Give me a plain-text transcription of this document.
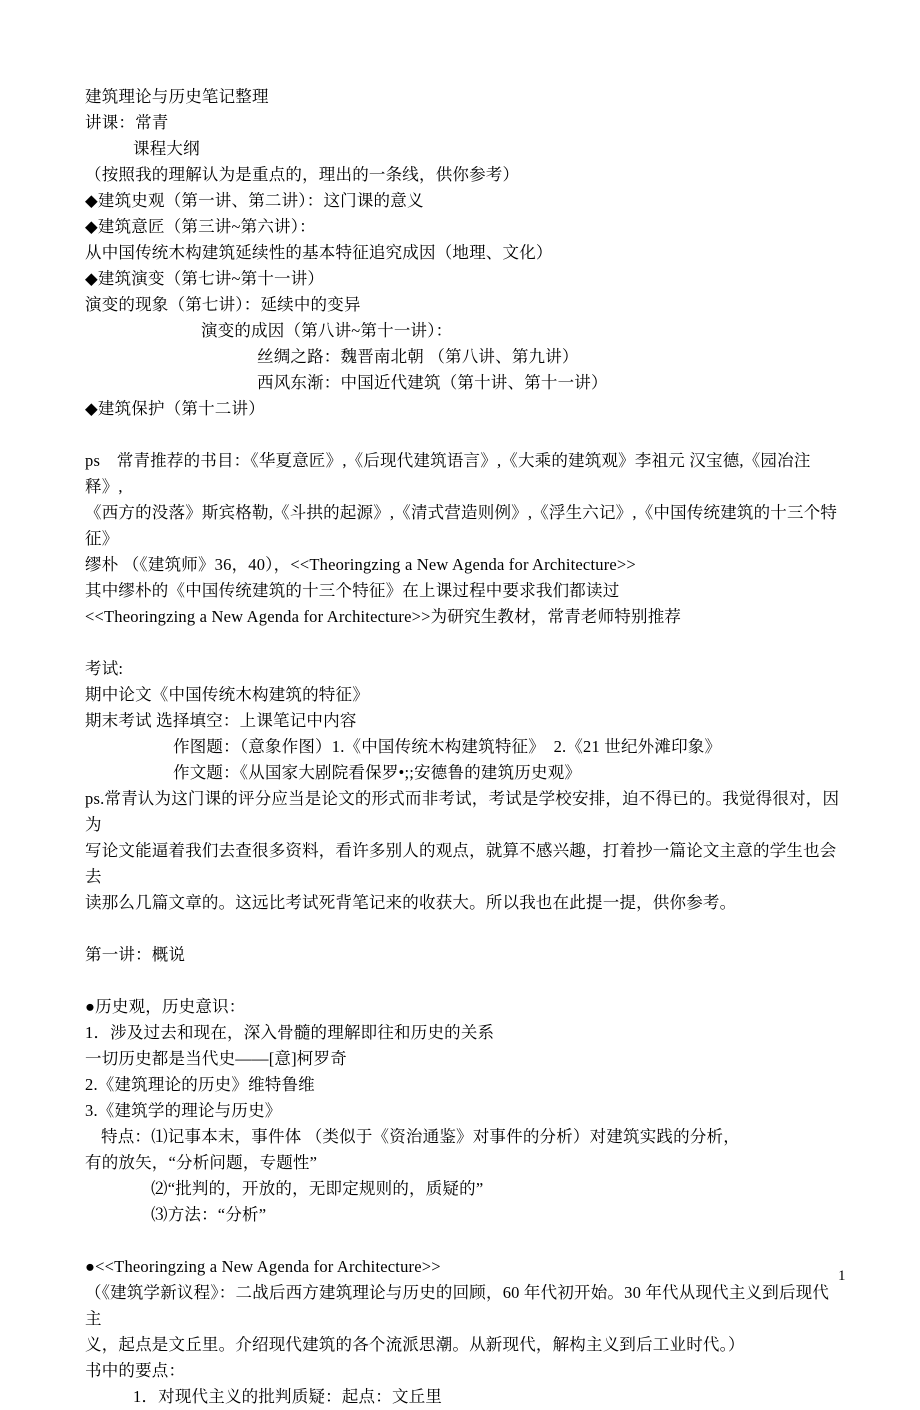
建筑理论与历史笔记整理
讲课：常青
课程大纲
（按照我的理解认为是重点的，理出的一条线，供你参考）
◆建筑史观（第一讲、第二讲）：这门课的意义
◆建筑意匠（第三讲~第六讲）：
从中国传统木构建筑延续性的基本特征追究成因（地理、文化）
◆建筑演变（第七讲~第十一讲）
演变的现象（第七讲）：延续中的变异
演变的成因（第八讲~第十一讲）：
丝绸之路：魏晋南北朝 （第八讲、第九讲）
西风东渐：中国近代建筑（第十讲、第十一讲）
◆建筑保护（第十二讲）
ps　常青推荐的书目：《华夏意匠》,《后现代建筑语言》,《大乘的建筑观》李祖元 汉宝德,《园冶注释》,
《西方的没落》斯宾格勒,《斗拱的起源》,《清式营造则例》,《浮生六记》,《中国传统建筑的十三个特征》
缪朴 （《建筑师》36，40），<<Theoringzing a New Agenda for Architecture>>
其中缪朴的《中国传统建筑的十三个特征》在上课过程中要求我们都读过
<<Theoringzing a New Agenda for Architecture>>为研究生教材，常青老师特别推荐
考试:
期中论文《中国传统木构建筑的特征》
期末考试 选择填空：上课笔记中内容
作图题：（意象作图）1.《中国传统木构建筑特征》  2.《21 世纪外滩印象》
作文题：《从国家大剧院看保罗•;;安德鲁的建筑历史观》
ps.常青认为这门课的评分应当是论文的形式而非考试，考试是学校安排，迫不得已的。我觉得很对，因为
写论文能逼着我们去查很多资料，看许多别人的观点，就算不感兴趣，打着抄一篇论文主意的学生也会去
读那么几篇文章的。这远比考试死背笔记来的收获大。所以我也在此提一提，供你参考。
第一讲：概说
●历史观，历史意识：
1．涉及过去和现在，深入骨髓的理解即往和历史的关系
一切历史都是当代史——[意]柯罗奇
2.《建筑理论的历史》维特鲁维
3.《建筑学的理论与历史》
特点：⑴记事本末，事件体 （类似于《资治通鉴》对事件的分析）对建筑实践的分析，
有的放矢，“分析问题，专题性”
⑵“批判的，开放的，无即定规则的，质疑的”
⑶方法：“分析”
●<<Theoringzing a New Agenda for Architecture>>
（《建筑学新议程》：二战后西方建筑理论与历史的回顾，60 年代初开始。30 年代从现代主义到后现代主
义，起点是文丘里。介绍现代建筑的各个流派思潮。从新现代，解构主义到后工业时代。）
书中的要点：
1．对现代主义的批判质疑：起点：文丘里
1
